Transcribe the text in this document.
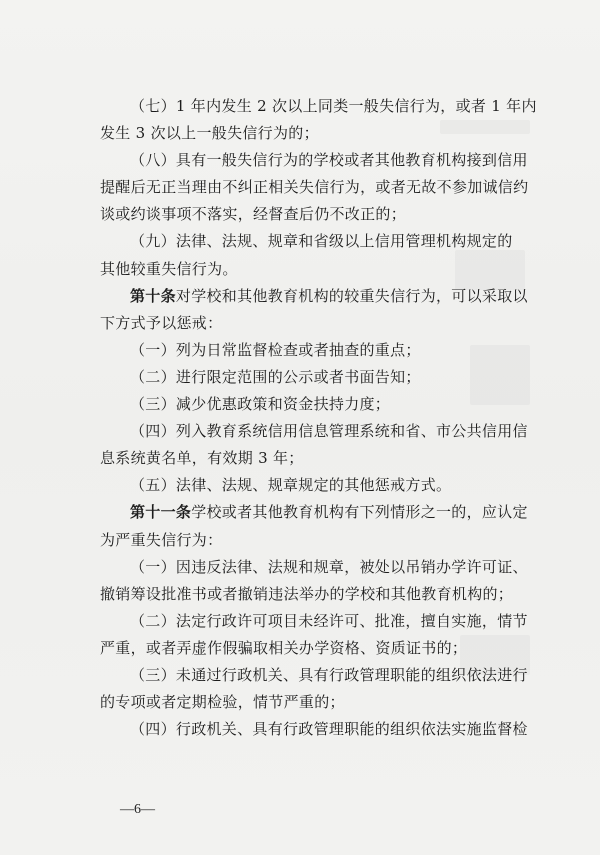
（七）1 年内发生 2 次以上同类一般失信行为，或者 1 年内

发生 3 次以上一般失信行为的；

（八）具有一般失信行为的学校或者其他教育机构接到信用

提醒后无正当理由不纠正相关失信行为，或者无故不参加诚信约

谈或约谈事项不落实，经督查后仍不改正的；

（九）法律、法规、规章和省级以上信用管理机构规定的

其他较重失信行为。

第十条对学校和其他教育机构的较重失信行为，可以采取以

下方式予以惩戒：

（一）列为日常监督检查或者抽查的重点；

（二）进行限定范围的公示或者书面告知；

（三）减少优惠政策和资金扶持力度；

（四）列入教育系统信用信息管理系统和省、市公共信用信

息系统黄名单，有效期 3 年；

（五）法律、法规、规章规定的其他惩戒方式。

第十一条学校或者其他教育机构有下列情形之一的，应认定

为严重失信行为：

（一）因违反法律、法规和规章，被处以吊销办学许可证、

撤销筹设批准书或者撤销违法举办的学校和其他教育机构的；

（二）法定行政许可项目未经许可、批准，擅自实施，情节

严重，或者弄虚作假骗取相关办学资格、资质证书的；

（三）未通过行政机关、具有行政管理职能的组织依法进行

的专项或者定期检验，情节严重的；

（四）行政机关、具有行政管理职能的组织依法实施监督检

—6—
